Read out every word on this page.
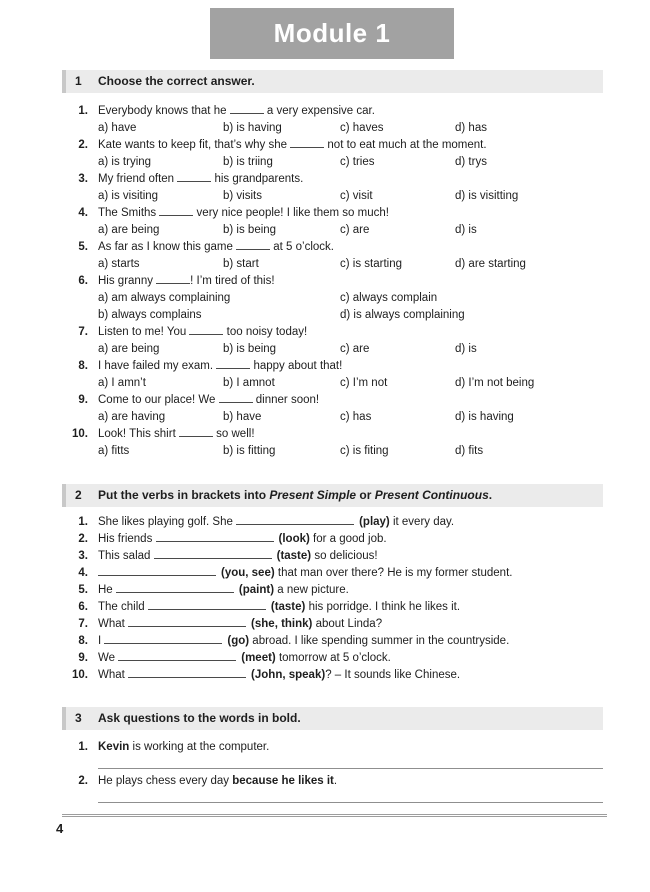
Module 1
1	Choose the correct answer.
1. Everybody knows that he	a very expensive car.
a) have	b) is having	c) haves	d) has
2. Kate wants to keep fit, that’s why she	not to eat much at the moment.
a) is trying	b) is triing	c) tries	d) trys
3. My friend often	his grandparents.
a) is visiting	b) visits	c) visit	d) is visitting
4. The Smiths	very nice people! I like them so much!
a) are being	b) is being	c) are	d) is
5. As far as I know this game	at 5 o’clock.
a) starts	b) start	c) is starting	d) are starting
6. His granny	! I’m tired of this!
a) am always complaining
b) always complains
c) always complain
d) is always complaining
7. Listen to me! You	too noisy today!
a) are being	b) is being	c) are	d) is
8. I have failed my exam.	happy about that!
a) I amn’t	b) I amnot	c) I’m not	d) I’m not being
9. Come to our place! We	dinner soon!
a) are having	b) have	c) has	d) is having
10. Look! This shirt	so well!
a) fitts	b) is fitting	c) is fiting	d) fits
2	Put the verbs in brackets into Present Simple or Present Continuous.
1. She likes playing golf. She	(play) it every day.
2. His friends	(look) for a good job.
3. This salad	(taste) so delicious!
4.	(you, see) that man over there? He is my former student.
5. He	(paint) a new picture.
6. The child	(taste) his porridge. I think he likes it.
7. What	(she, think) about Linda?
8. I	(go) abroad. I like spending summer in the countryside.
9. We	(meet) tomorrow at 5 o’clock.
10. What	(John, speak)? – It sounds like Chinese.
3	Ask questions to the words in bold.
1. Kevin is working at the computer.
2. He plays chess every day because he likes it.
4
